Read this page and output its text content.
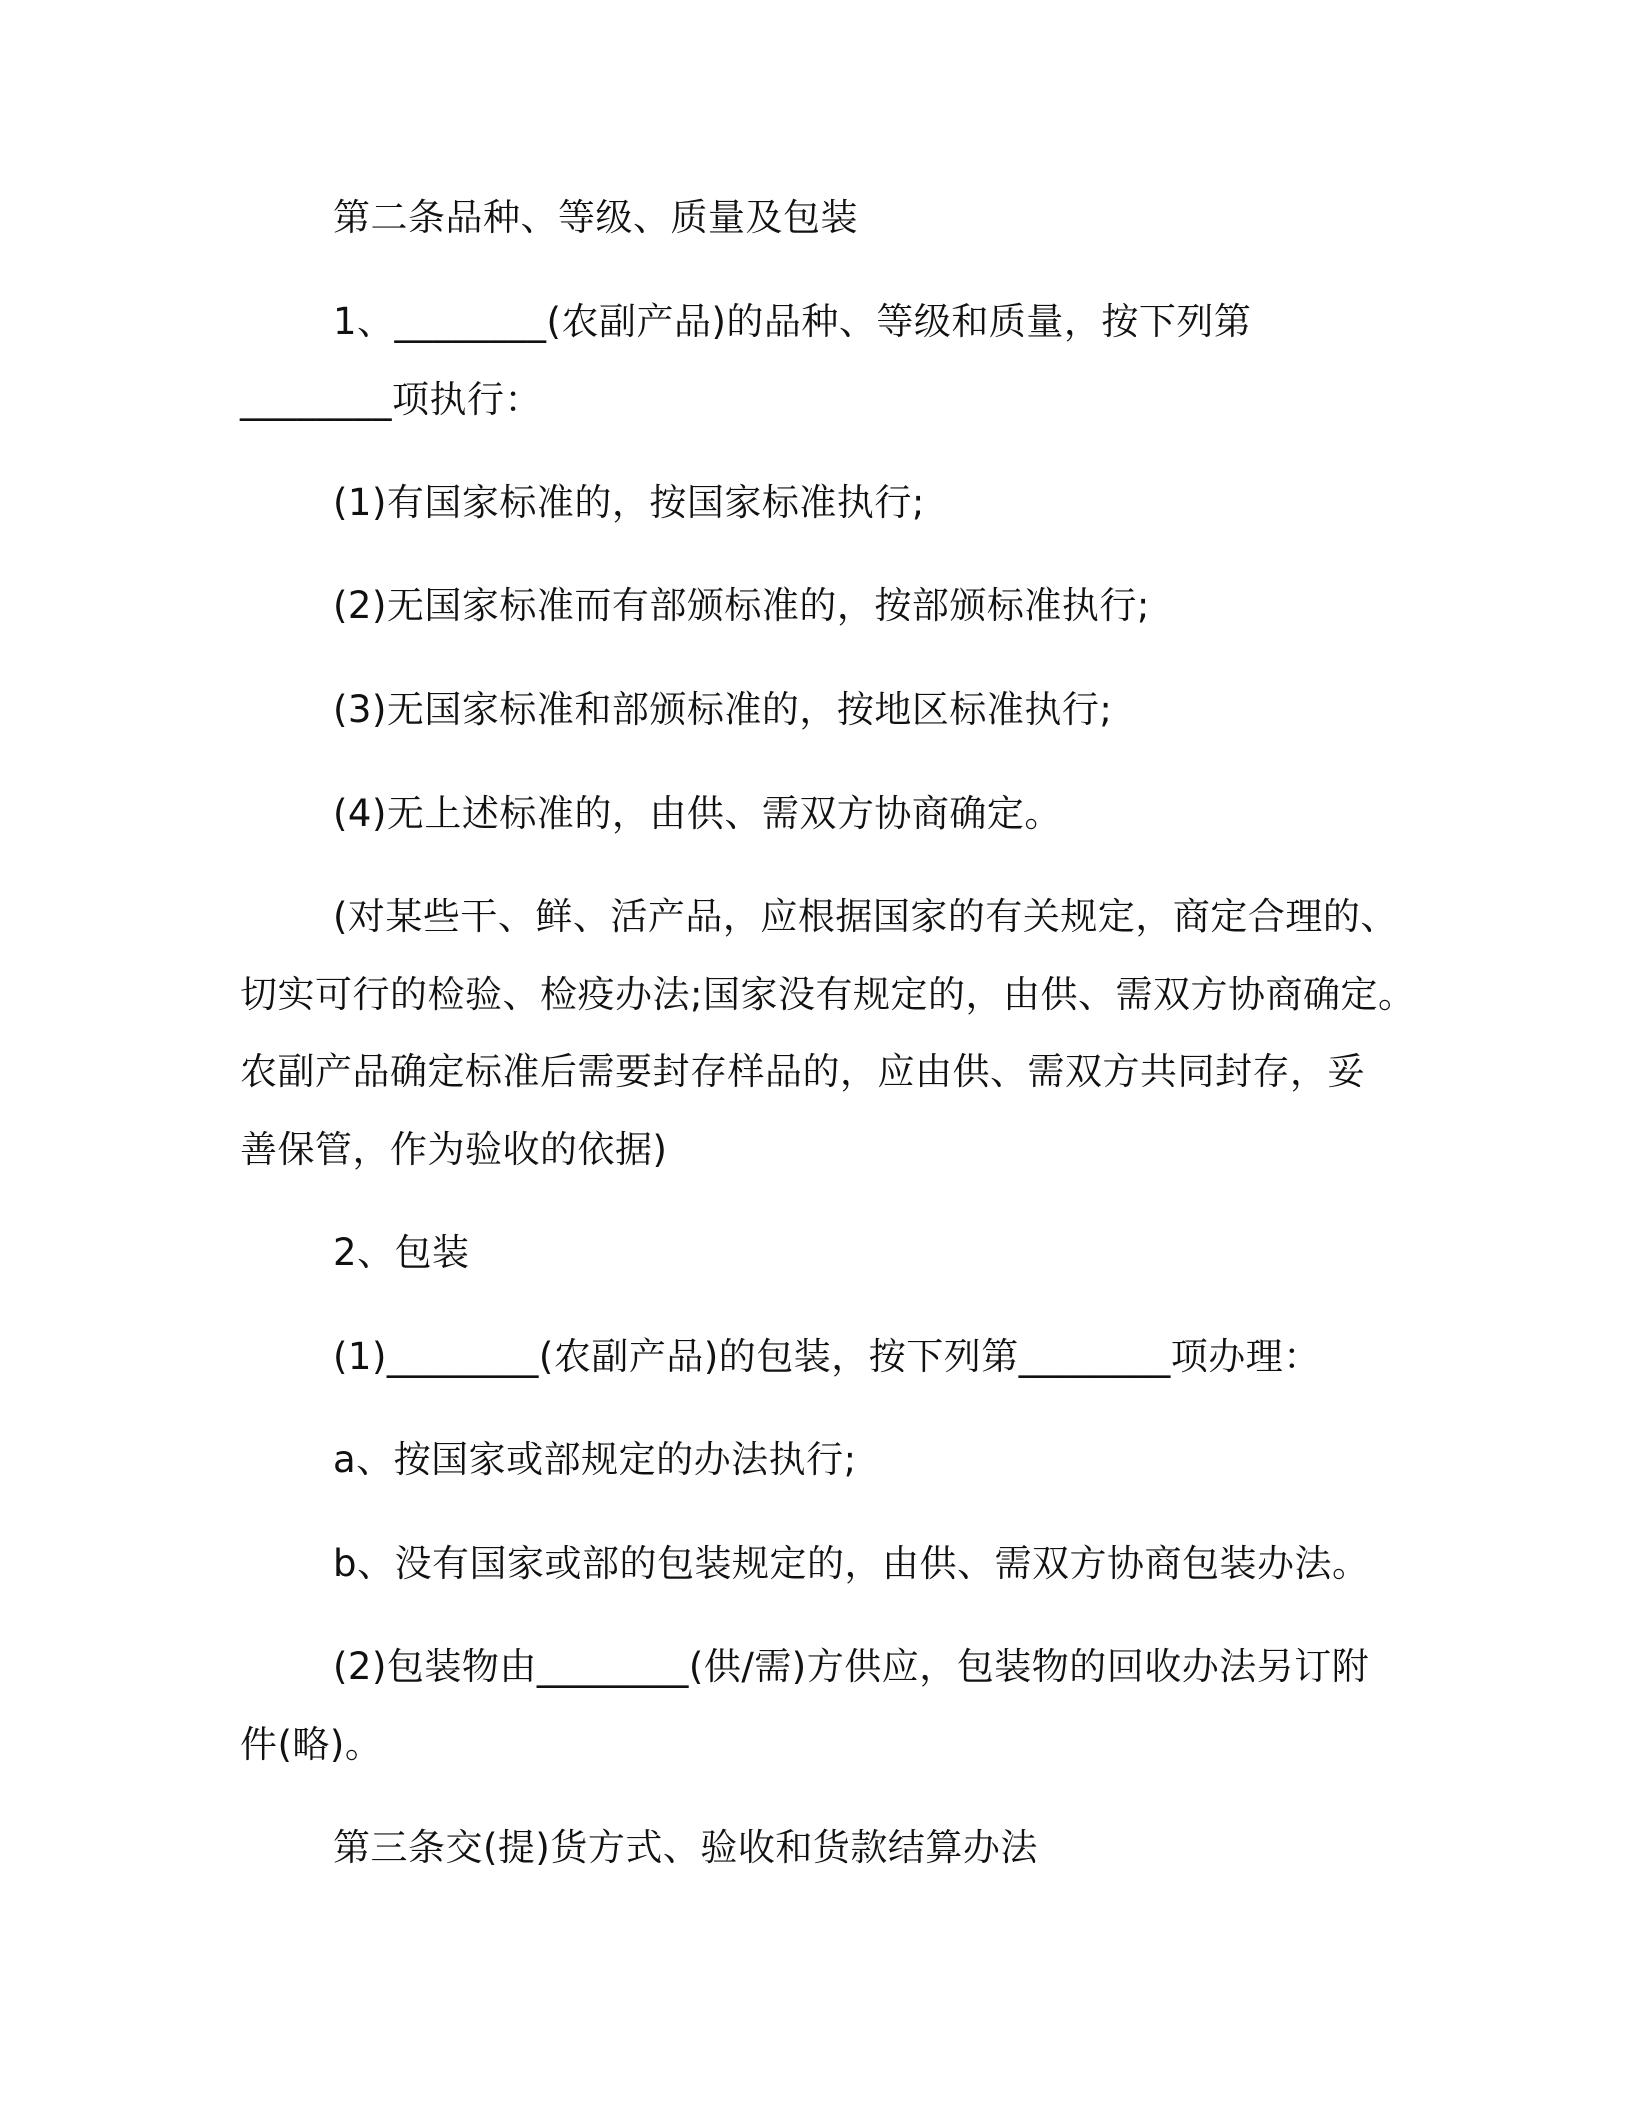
第二条品种、等级、质量及包装
1、________(农副产品)的品种、等级和质量，按下列第
________项执行：
(1)有国家标准的，按国家标准执行;
(2)无国家标准而有部颁标准的，按部颁标准执行;
(3)无国家标准和部颁标准的，按地区标准执行;
(4)无上述标准的，由供、需双方协商确定。
(对某些干、鲜、活产品，应根据国家的有关规定，商定合理的、
切实可行的检验、检疫办法;国家没有规定的，由供、需双方协商确定。
农副产品确定标准后需要封存样品的，应由供、需双方共同封存，妥
善保管，作为验收的依据)
2、包装
(1)________(农副产品)的包装，按下列第________项办理：
a、按国家或部规定的办法执行;
b、没有国家或部的包装规定的，由供、需双方协商包装办法。
(2)包装物由________(供/需)方供应，包装物的回收办法另订附
件(略)。
第三条交(提)货方式、验收和货款结算办法
